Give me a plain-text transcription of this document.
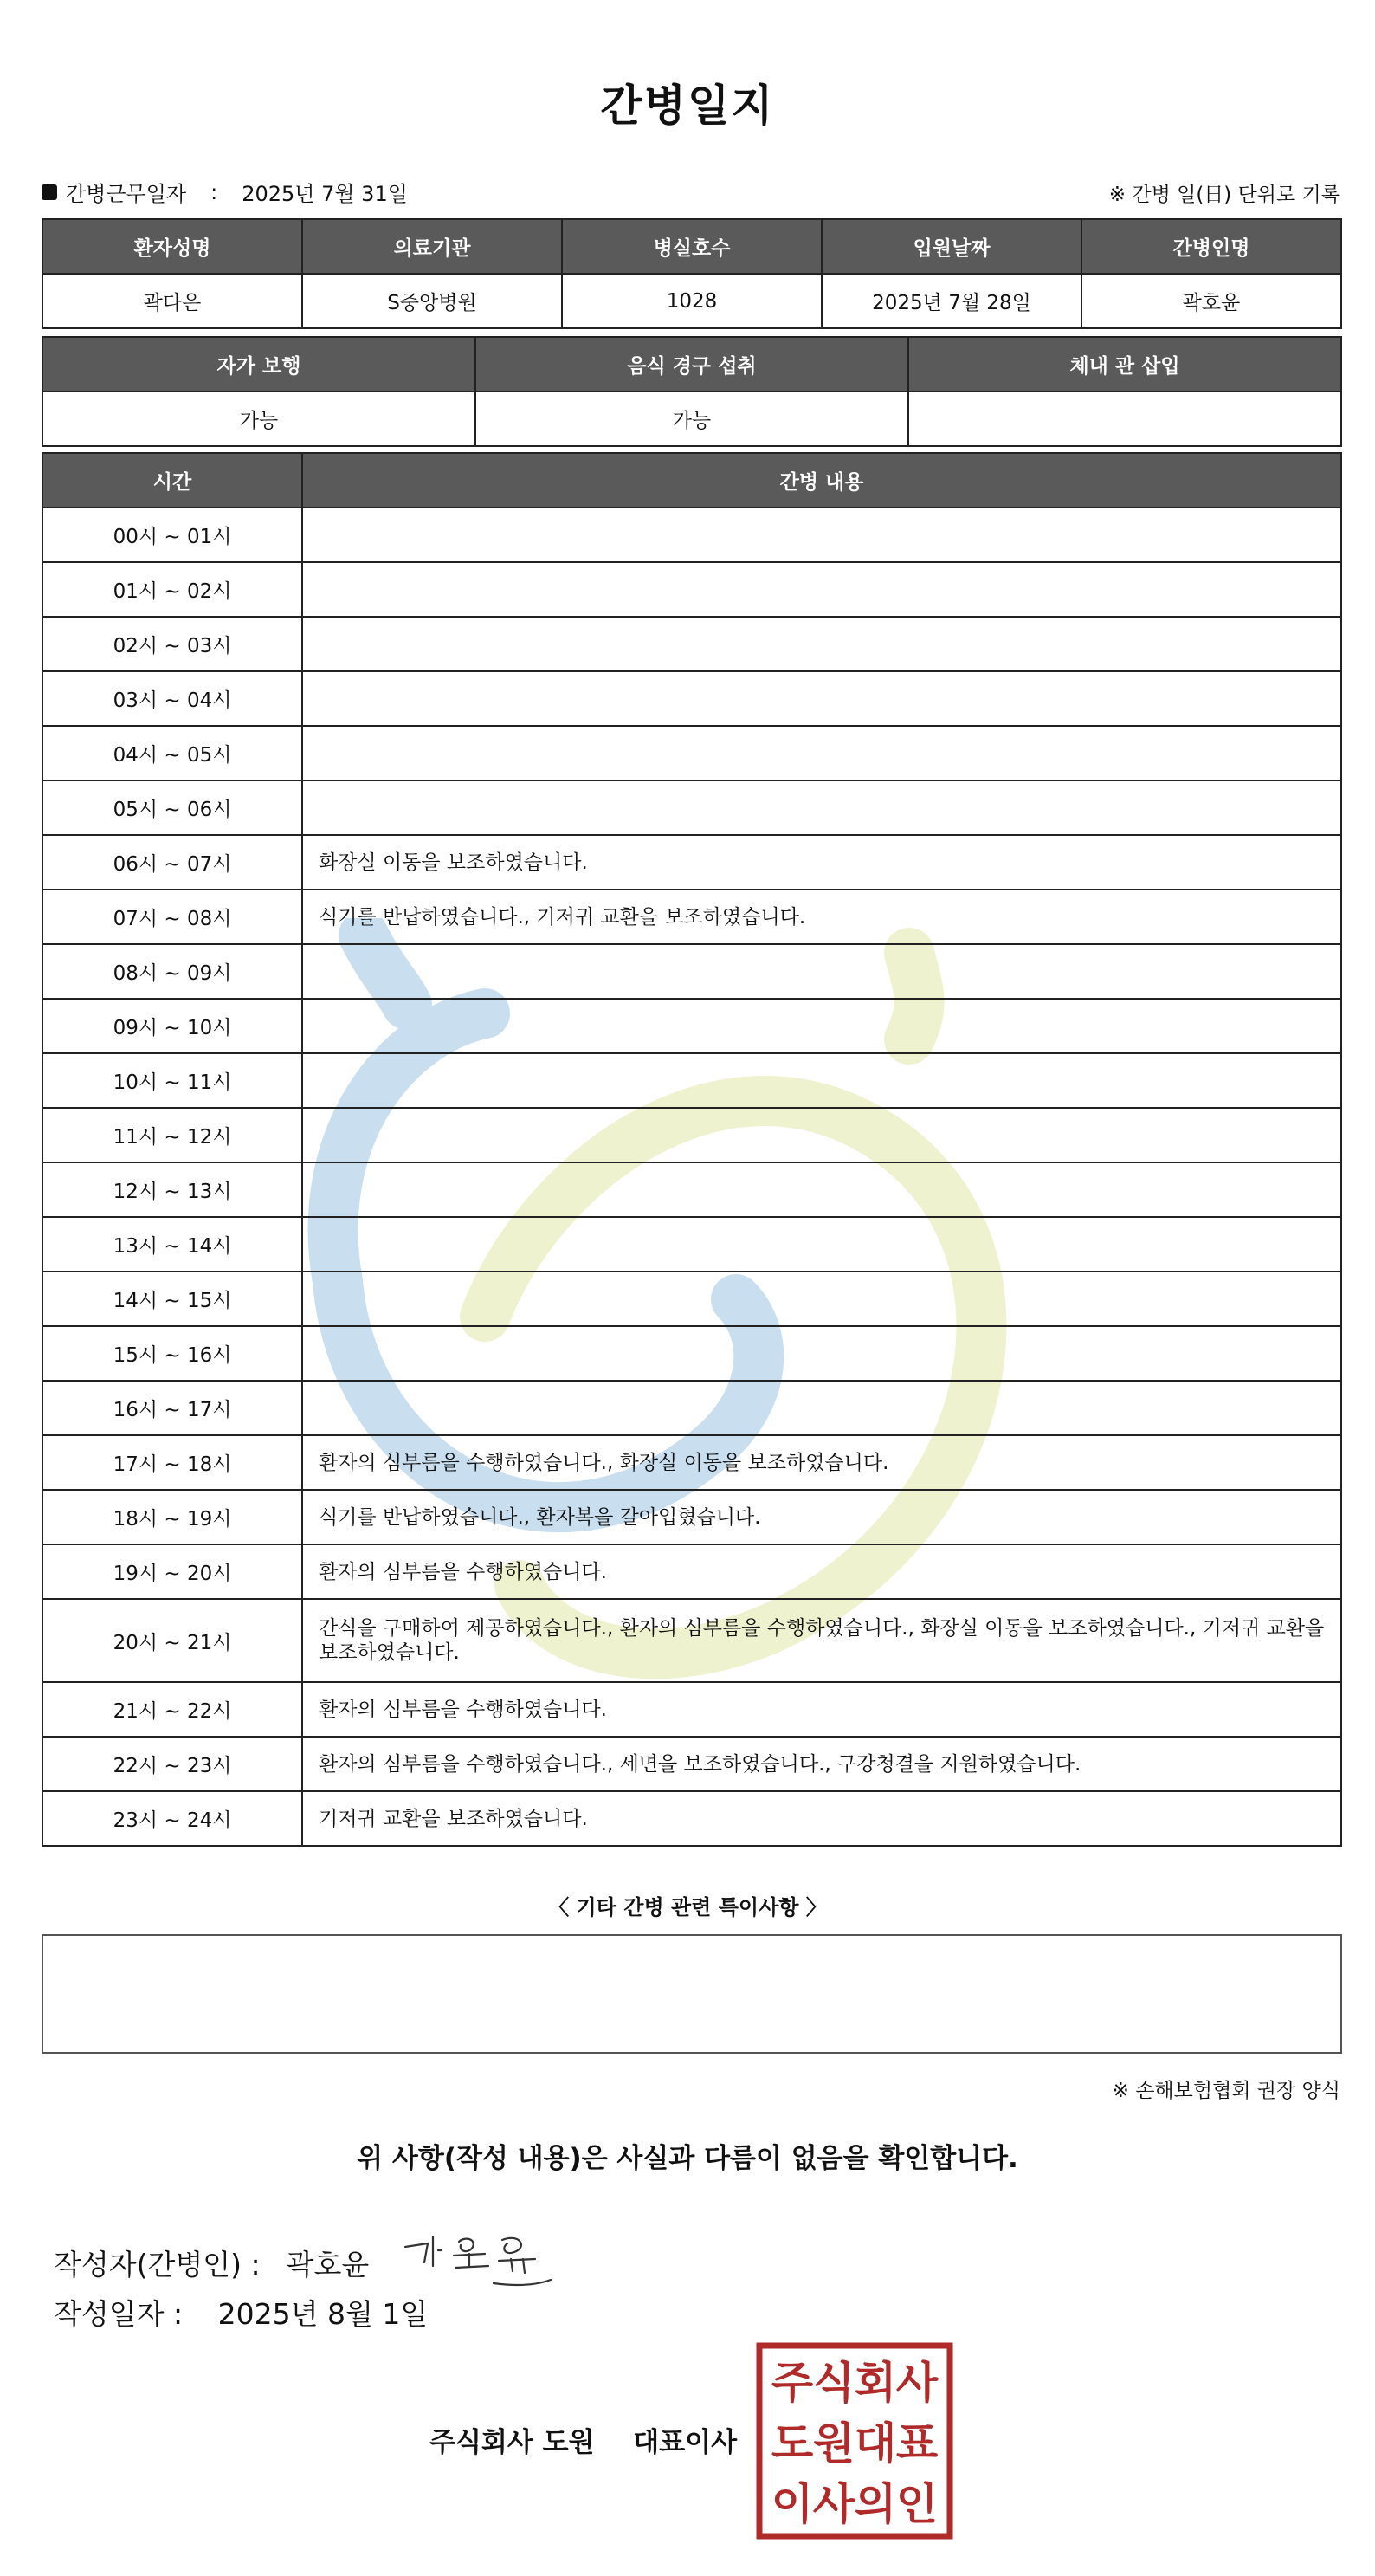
간병일지
간병근무일자 : 2025년 7월 31일	※ 간병 일(日) 단위로 기록
환자성명	의료기관	병실호수	입원날짜	간병인명
곽다은	S중앙병원	1028	2025년 7월 28일	곽호윤
자가 보행	음식 경구 섭취	체내 관 삽입
가능	가능	
시간	간병 내용
00시 ~ 01시	
01시 ~ 02시	
02시 ~ 03시	
03시 ~ 04시	
04시 ~ 05시	
05시 ~ 06시	
06시 ~ 07시	화장실 이동을 보조하였습니다.
07시 ~ 08시	식기를 반납하였습니다., 기저귀 교환을 보조하였습니다.
08시 ~ 09시	
09시 ~ 10시	
10시 ~ 11시	
11시 ~ 12시	
12시 ~ 13시	
13시 ~ 14시	
14시 ~ 15시	
15시 ~ 16시	
16시 ~ 17시	
17시 ~ 18시	환자의 심부름을 수행하였습니다., 화장실 이동을 보조하였습니다.
18시 ~ 19시	식기를 반납하였습니다., 환자복을 갈아입혔습니다.
19시 ~ 20시	환자의 심부름을 수행하였습니다.
20시 ~ 21시	간식을 구매하여 제공하였습니다., 환자의 심부름을 수행하였습니다., 화장실 이동을 보조하였습니다., 기저귀 교환을 보조하였습니다.
21시 ~ 22시	환자의 심부름을 수행하였습니다.
22시 ~ 23시	환자의 심부름을 수행하였습니다., 세면을 보조하였습니다., 구강청결을 지원하였습니다.
23시 ~ 24시	기저귀 교환을 보조하였습니다.
〈 기타 간병 관련 특이사항 〉
※ 손해보험협회 권장 양식
위 사항(작성 내용)은 사실과 다름이 없음을 확인합니다.
작성자(간병인) : 곽호윤
작성일자 : 2025년 8월 1일
주식회사 도원 대표이사
주 식 회 사
도 원 대 표
이 사 의 인
